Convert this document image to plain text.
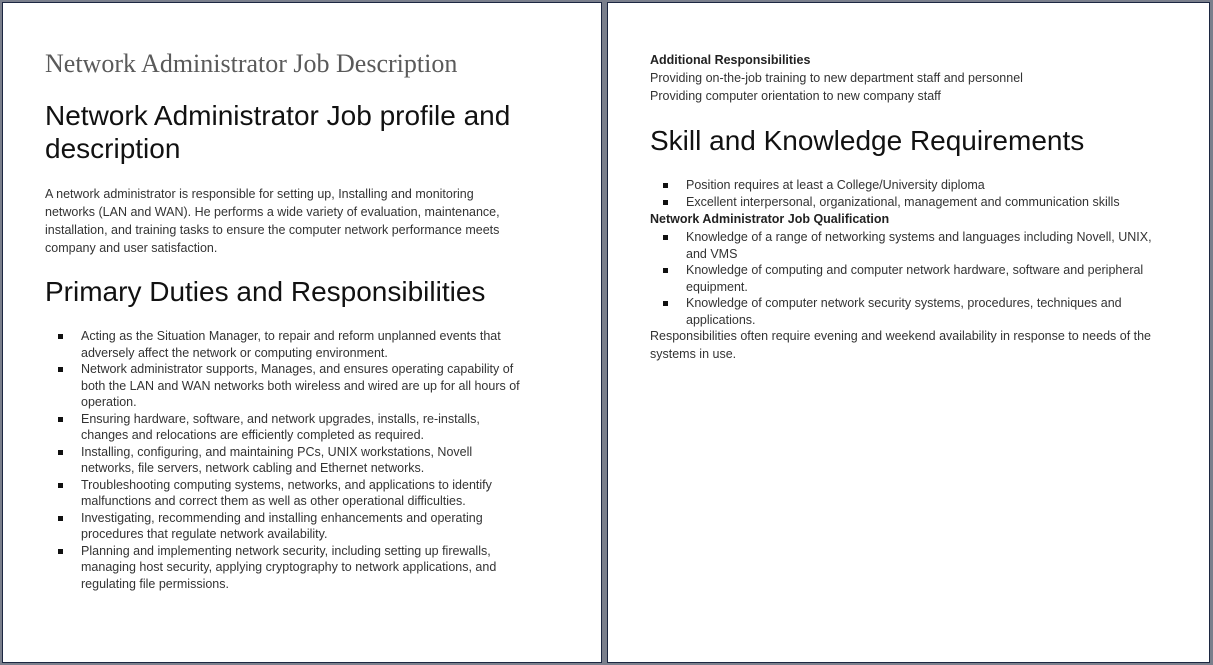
Network Administrator Job Description
Network Administrator Job profile and
description

A network administrator is responsible for setting up, Installing and monitoring networks (LAN and WAN). He performs a wide variety of evaluation, maintenance, installation, and training tasks to ensure the computer network performance meets company and user satisfaction.

Primary Duties and Responsibilities
Acting as the Situation Manager, to repair and reform unplanned events that adversely affect the network or computing environment.
Network administrator supports, Manages, and ensures operating capability of both the LAN and WAN networks both wireless and wired are up for all hours of operation.
Ensuring hardware, software, and network upgrades, installs, re-installs, changes and relocations are efficiently completed as required.
Installing, configuring, and maintaining PCs, UNIX workstations, Novell networks, file servers, network cabling and Ethernet networks.
Troubleshooting computing systems, networks, and applications to identify malfunctions and correct them as well as other operational difficulties.
Investigating, recommending and installing enhancements and operating procedures that regulate network availability.
Planning and implementing network security, including setting up firewalls, managing host security, applying cryptography to network applications, and regulating file permissions.

Additional Responsibilities

Providing on-the-job training to new department staff and personnel

Providing computer orientation to new company staff

Skill and Knowledge Requirements
Position requires at least a College/University diploma
Excellent interpersonal, organizational, management and communication skills

Network Administrator Job Qualification

Knowledge of a range of networking systems and languages including Novell, UNIX, and VMS
Knowledge of computing and computer network hardware, software and peripheral equipment.
Knowledge of computer network security systems, procedures, techniques and applications.

Responsibilities often require evening and weekend availability in response to needs of the systems in use.
